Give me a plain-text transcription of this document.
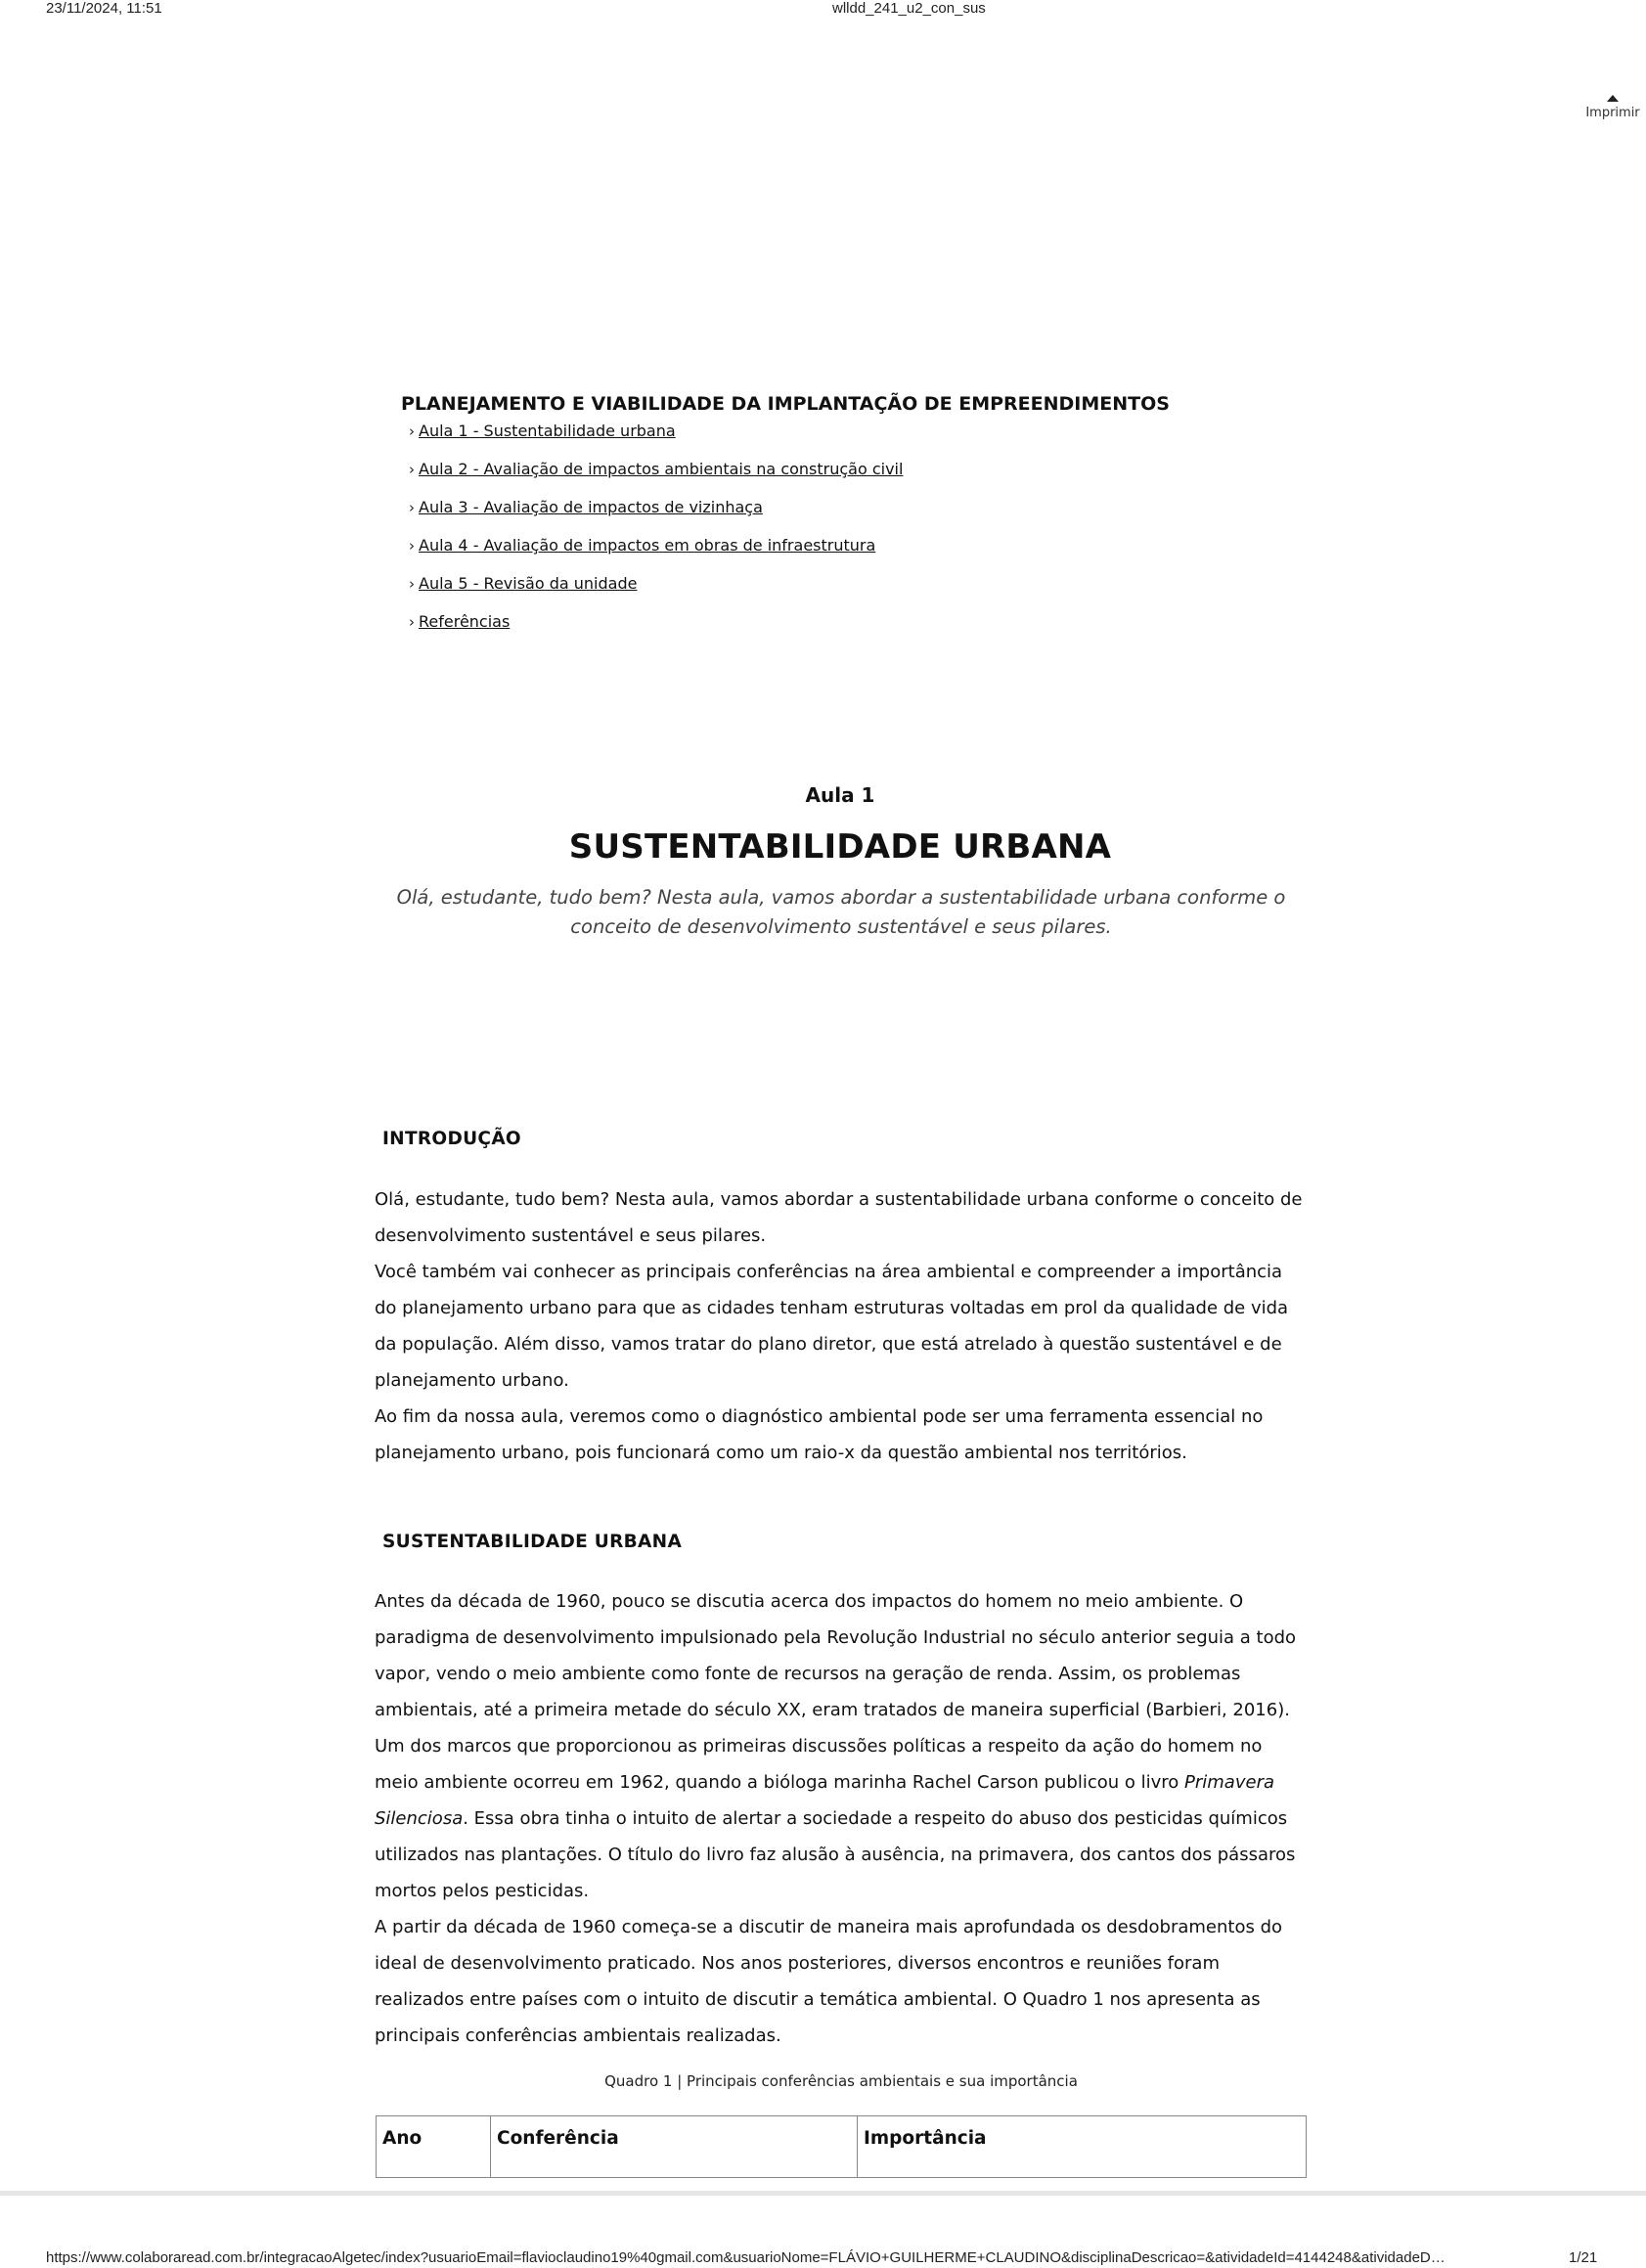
23/11/2024, 11:51	wlldd_241_u2_con_sus
Imprimir
PLANEJAMENTO E VIABILIDADE DA IMPLANTAÇÃO DE EMPREENDIMENTOS
› Aula 1 - Sustentabilidade urbana
› Aula 2 - Avaliação de impactos ambientais na construção civil
› Aula 3 - Avaliação de impactos de vizinhaça
› Aula 4 - Avaliação de impactos em obras de infraestrutura
› Aula 5 - Revisão da unidade
› Referências
Aula 1
SUSTENTABILIDADE URBANA
Olá, estudante, tudo bem? Nesta aula, vamos abordar a sustentabilidade urbana conforme o conceito de desenvolvimento sustentável e seus pilares.
INTRODUÇÃO

Olá, estudante, tudo bem? Nesta aula, vamos abordar a sustentabilidade urbana conforme o conceito de desenvolvimento sustentável e seus pilares.

Você também vai conhecer as principais conferências na área ambiental e compreender a importância do planejamento urbano para que as cidades tenham estruturas voltadas em prol da qualidade de vida da população. Além disso, vamos tratar do plano diretor, que está atrelado à questão sustentável e de planejamento urbano.

Ao fim da nossa aula, veremos como o diagnóstico ambiental pode ser uma ferramenta essencial no planejamento urbano, pois funcionará como um raio-x da questão ambiental nos territórios.

SUSTENTABILIDADE URBANA

Antes da década de 1960, pouco se discutia acerca dos impactos do homem no meio ambiente. O paradigma de desenvolvimento impulsionado pela Revolução Industrial no século anterior seguia a todo vapor, vendo o meio ambiente como fonte de recursos na geração de renda. Assim, os problemas ambientais, até a primeira metade do século XX, eram tratados de maneira superficial (Barbieri, 2016).

Um dos marcos que proporcionou as primeiras discussões políticas a respeito da ação do homem no meio ambiente ocorreu em 1962, quando a bióloga marinha Rachel Carson publicou o livro Primavera Silenciosa. Essa obra tinha o intuito de alertar a sociedade a respeito do abuso dos pesticidas químicos utilizados nas plantações. O título do livro faz alusão à ausência, na primavera, dos cantos dos pássaros mortos pelos pesticidas.

A partir da década de 1960 começa-se a discutir de maneira mais aprofundada os desdobramentos do ideal de desenvolvimento praticado. Nos anos posteriores, diversos encontros e reuniões foram realizados entre países com o intuito de discutir a temática ambiental. O Quadro 1 nos apresenta as principais conferências ambientais realizadas.

Quadro 1 | Principais conferências ambientais e sua importância
Ano	Conferência	Importância
https://www.colaboraread.com.br/integracaoAlgetec/index?usuarioEmail=flavioclaudino19%40gmail.com&usuarioNome=FLÁVIO+GUILHERME+CLAUDINO&disciplinaDescricao=&atividadeId=4144248&atividadeD…	1/21
